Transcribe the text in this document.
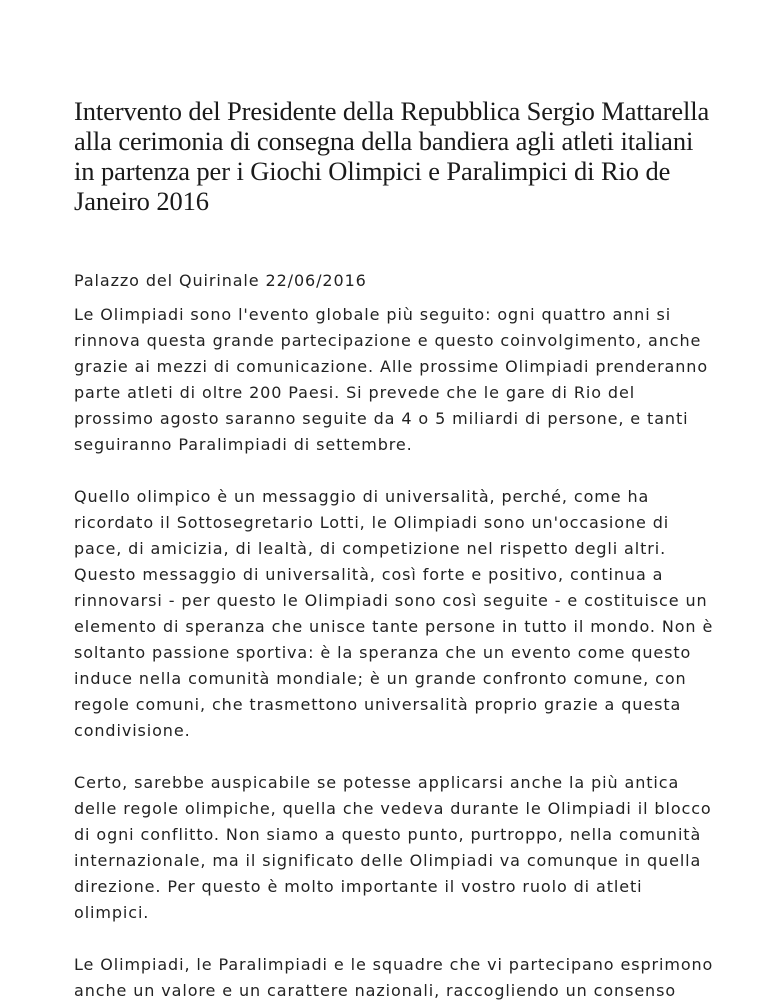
Intervento del Presidente della Repubblica Sergio Mattarella alla cerimonia di consegna della bandiera agli atleti italiani in partenza per i Giochi Olimpici e Paralimpici di Rio de Janeiro 2016

Palazzo del Quirinale 22/06/2016

Le Olimpiadi sono l'evento globale più seguito: ogni quattro anni si rinnova questa grande partecipazione e questo coinvolgimento, anche grazie ai mezzi di comunicazione. Alle prossime Olimpiadi prenderanno parte atleti di oltre 200 Paesi. Si prevede che le gare di Rio del prossimo agosto saranno seguite da 4 o 5 miliardi di persone, e tanti seguiranno Paralimpiadi di settembre.

Quello olimpico è un messaggio di universalità, perché, come ha ricordato il Sottosegretario Lotti, le Olimpiadi sono un'occasione di pace, di amicizia, di lealtà, di competizione nel rispetto degli altri. Questo messaggio di universalità, così forte e positivo, continua a rinnovarsi - per questo le Olimpiadi sono così seguite - e costituisce un elemento di speranza che unisce tante persone in tutto il mondo. Non è soltanto passione sportiva: è la speranza che un evento come questo induce nella comunità mondiale; è un grande confronto comune, con regole comuni, che trasmettono universalità proprio grazie a questa condivisione.

Certo, sarebbe auspicabile se potesse applicarsi anche la più antica delle regole olimpiche, quella che vedeva durante le Olimpiadi il blocco di ogni conflitto. Non siamo a questo punto, purtroppo, nella comunità internazionale, ma il significato delle Olimpiadi va comunque in quella direzione. Per questo è molto importante il vostro ruolo di atleti olimpici.

Le Olimpiadi, le Paralimpiadi e le squadre che vi partecipano esprimono anche un valore e un carattere nazionali, raccogliendo un consenso
